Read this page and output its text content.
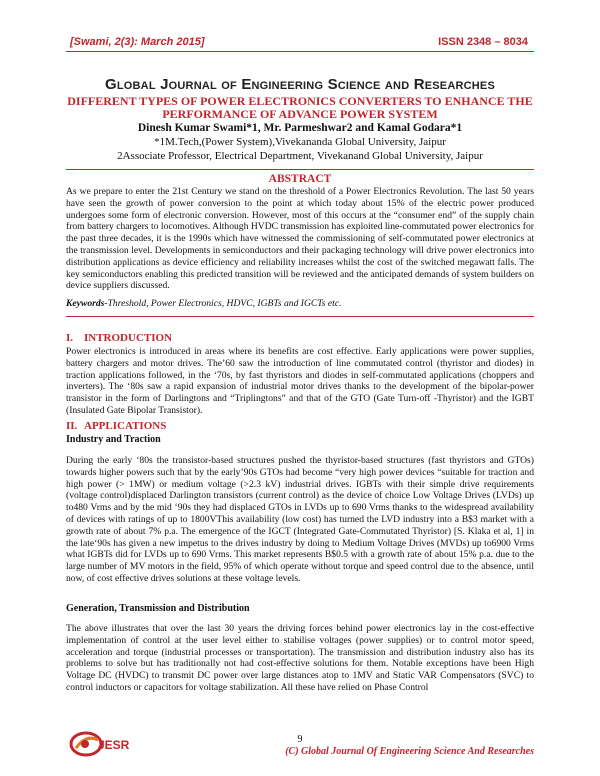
[Swami, 2(3): March 2015]	ISSN 2348 – 8034
Global Journal of Engineering Science and Researches
DIFFERENT TYPES OF POWER ELECTRONICS CONVERTERS TO ENHANCE THE
PERFORMANCE OF ADVANCE POWER SYSTEM
Dinesh Kumar Swami*1, Mr. Parmeshwar2 and Kamal Godara*1
*1M.Tech,(Power System),Vivekananda Global University, Jaipur
2Associate Professor, Electrical Department, Vivekanand Global University, Jaipur
ABSTRACT
As we prepare to enter the 21st Century we stand on the threshold of a Power Electronics Revolution. The last 50 years have seen the growth of power conversion to the point at which today about 15% of the electric power produced undergoes some form of electronic conversion. However, most of this occurs at the “consumer end” of the supply chain from battery chargers to locomotives. Although HVDC transmission has exploited line-commutated power electronics for the past three decades, it is the 1990s which have witnessed the commissioning of self-commutated power electronics at the transmission level. Developments in semiconductors and their packaging technology will drive power electronics into distribution applications as device efficiency and reliability increases whilst the cost of the switched megawatt falls. The key semiconductors enabling this predicted transition will be reviewed and the anticipated demands of system builders on device suppliers discussed.
Keywords-Threshold, Power Electronics, HDVC, IGBTs and IGCTs etc.
I. INTRODUCTION
Power electronics is introduced in areas where its benefits are cost effective. Early applications were power supplies, battery chargers and motor drives. The’60 saw the introduction of line commutated control (thyristor and diodes) in traction applications followed, in the ‘70s, by fast thyristors and diodes in self-commutated applications (choppers and inverters). The ‘80s saw a rapid expansion of industrial motor drives thanks to the development of the bipolar-power transistor in the form of Darlingtons and “Triplingtons” and that of the GTO (Gate Turn-off -Thyristor) and the IGBT (Insulated Gate Bipolar Transistor).
II. APPLICATIONS
Industry and Traction
During the early ‘80s the transistor-based structures pushed the thyristor-based structures (fast thyristors and GTOs) towards higher powers such that by the early’90s GTOs had become “very high power devices “suitable for traction and high power (> 1MW) or medium voltage (>2.3 kV) industrial drives. IGBTs with their simple drive requirements (voltage control)displaced Darlington transistors (current control) as the device of choice Low Voltage Drives (LVDs) up to480 Vrms and by the mid ‘90s they had displaced GTOs in LVDs up to 690 Vrms thanks to the widespread availability of devices with ratings of up to 1800VThis availability (low cost) has turned the LVD industry into a B$3 market with a growth rate of about 7% p.a. The emergence of the IGCT (Integrated Gate-Commutated Thyristor) [S. Klaka et al, 1] in the late‘90s has given a new impetus to the drives industry by doing to Medium Voltage Drives (MVDs) up to6900 Vrms what IGBTs did for LVDs up to 690 Vrms. This market represents B$0.5 with a growth rate of about 15% p.a. due to the large number of MV motors in the field, 95% of which operate without torque and speed control due to the absence, until now, of cost effective drives solutions at these voltage levels.
Generation, Transmission and Distribution
The above illustrates that over the last 30 years the driving forces behind power electronics lay in the cost-effective implementation of control at the user level either to stabilise voltages (power supplies) or to control motor speed, acceleration and torque (industrial processes or transportation). The transmission and distribution industry also has its problems to solve but has traditionally not had cost-effective solutions for them. Notable exceptions have been High Voltage DC (HVDC) to transmit DC power over large distances atop to 1MV and Static VAR Compensators (SVC) to control inductors or capacitors for voltage stabilization. All these have relied on Phase Control
JESR	9
(C) Global Journal Of Engineering Science And Researches
